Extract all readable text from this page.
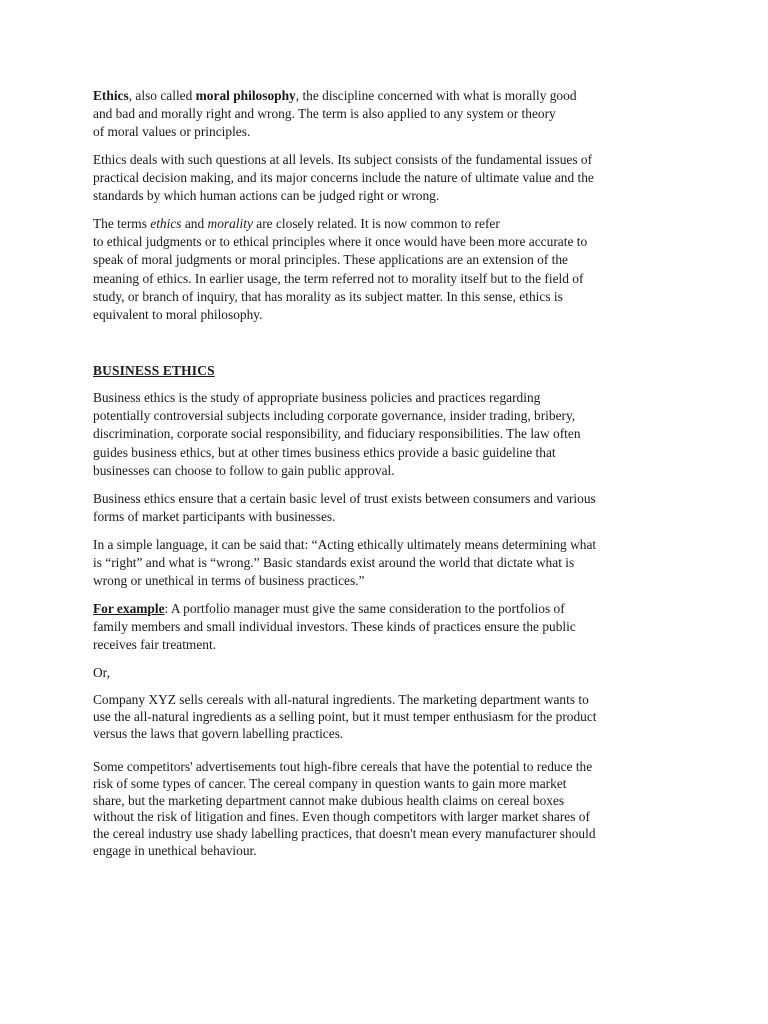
Ethics, also called moral philosophy, the discipline concerned with what is morally good
and bad and morally right and wrong. The term is also applied to any system or theory
of moral values or principles.

Ethics deals with such questions at all levels. Its subject consists of the fundamental issues of
practical decision making, and its major concerns include the nature of ultimate value and the
standards by which human actions can be judged right or wrong.

The terms ethics and morality are closely related. It is now common to refer
to ethical judgments or to ethical principles where it once would have been more accurate to
speak of moral judgments or moral principles. These applications are an extension of the
meaning of ethics. In earlier usage, the term referred not to morality itself but to the field of
study, or branch of inquiry, that has morality as its subject matter. In this sense, ethics is
equivalent to moral philosophy.

BUSINESS ETHICS

Business ethics is the study of appropriate business policies and practices regarding
potentially controversial subjects including corporate governance, insider trading, bribery,
discrimination, corporate social responsibility, and fiduciary responsibilities. The law often
guides business ethics, but at other times business ethics provide a basic guideline that
businesses can choose to follow to gain public approval.

Business ethics ensure that a certain basic level of trust exists between consumers and various
forms of market participants with businesses.

In a simple language, it can be said that: “Acting ethically ultimately means determining what
is “right” and what is “wrong.” Basic standards exist around the world that dictate what is
wrong or unethical in terms of business practices.”

For example: A portfolio manager must give the same consideration to the portfolios of
family members and small individual investors. These kinds of practices ensure the public
receives fair treatment.

Or,

Company XYZ sells cereals with all-natural ingredients. The marketing department wants to
use the all-natural ingredients as a selling point, but it must temper enthusiasm for the product
versus the laws that govern labelling practices.

Some competitors' advertisements tout high-fibre cereals that have the potential to reduce the
risk of some types of cancer. The cereal company in question wants to gain more market
share, but the marketing department cannot make dubious health claims on cereal boxes
without the risk of litigation and fines. Even though competitors with larger market shares of
the cereal industry use shady labelling practices, that doesn't mean every manufacturer should
engage in unethical behaviour.
